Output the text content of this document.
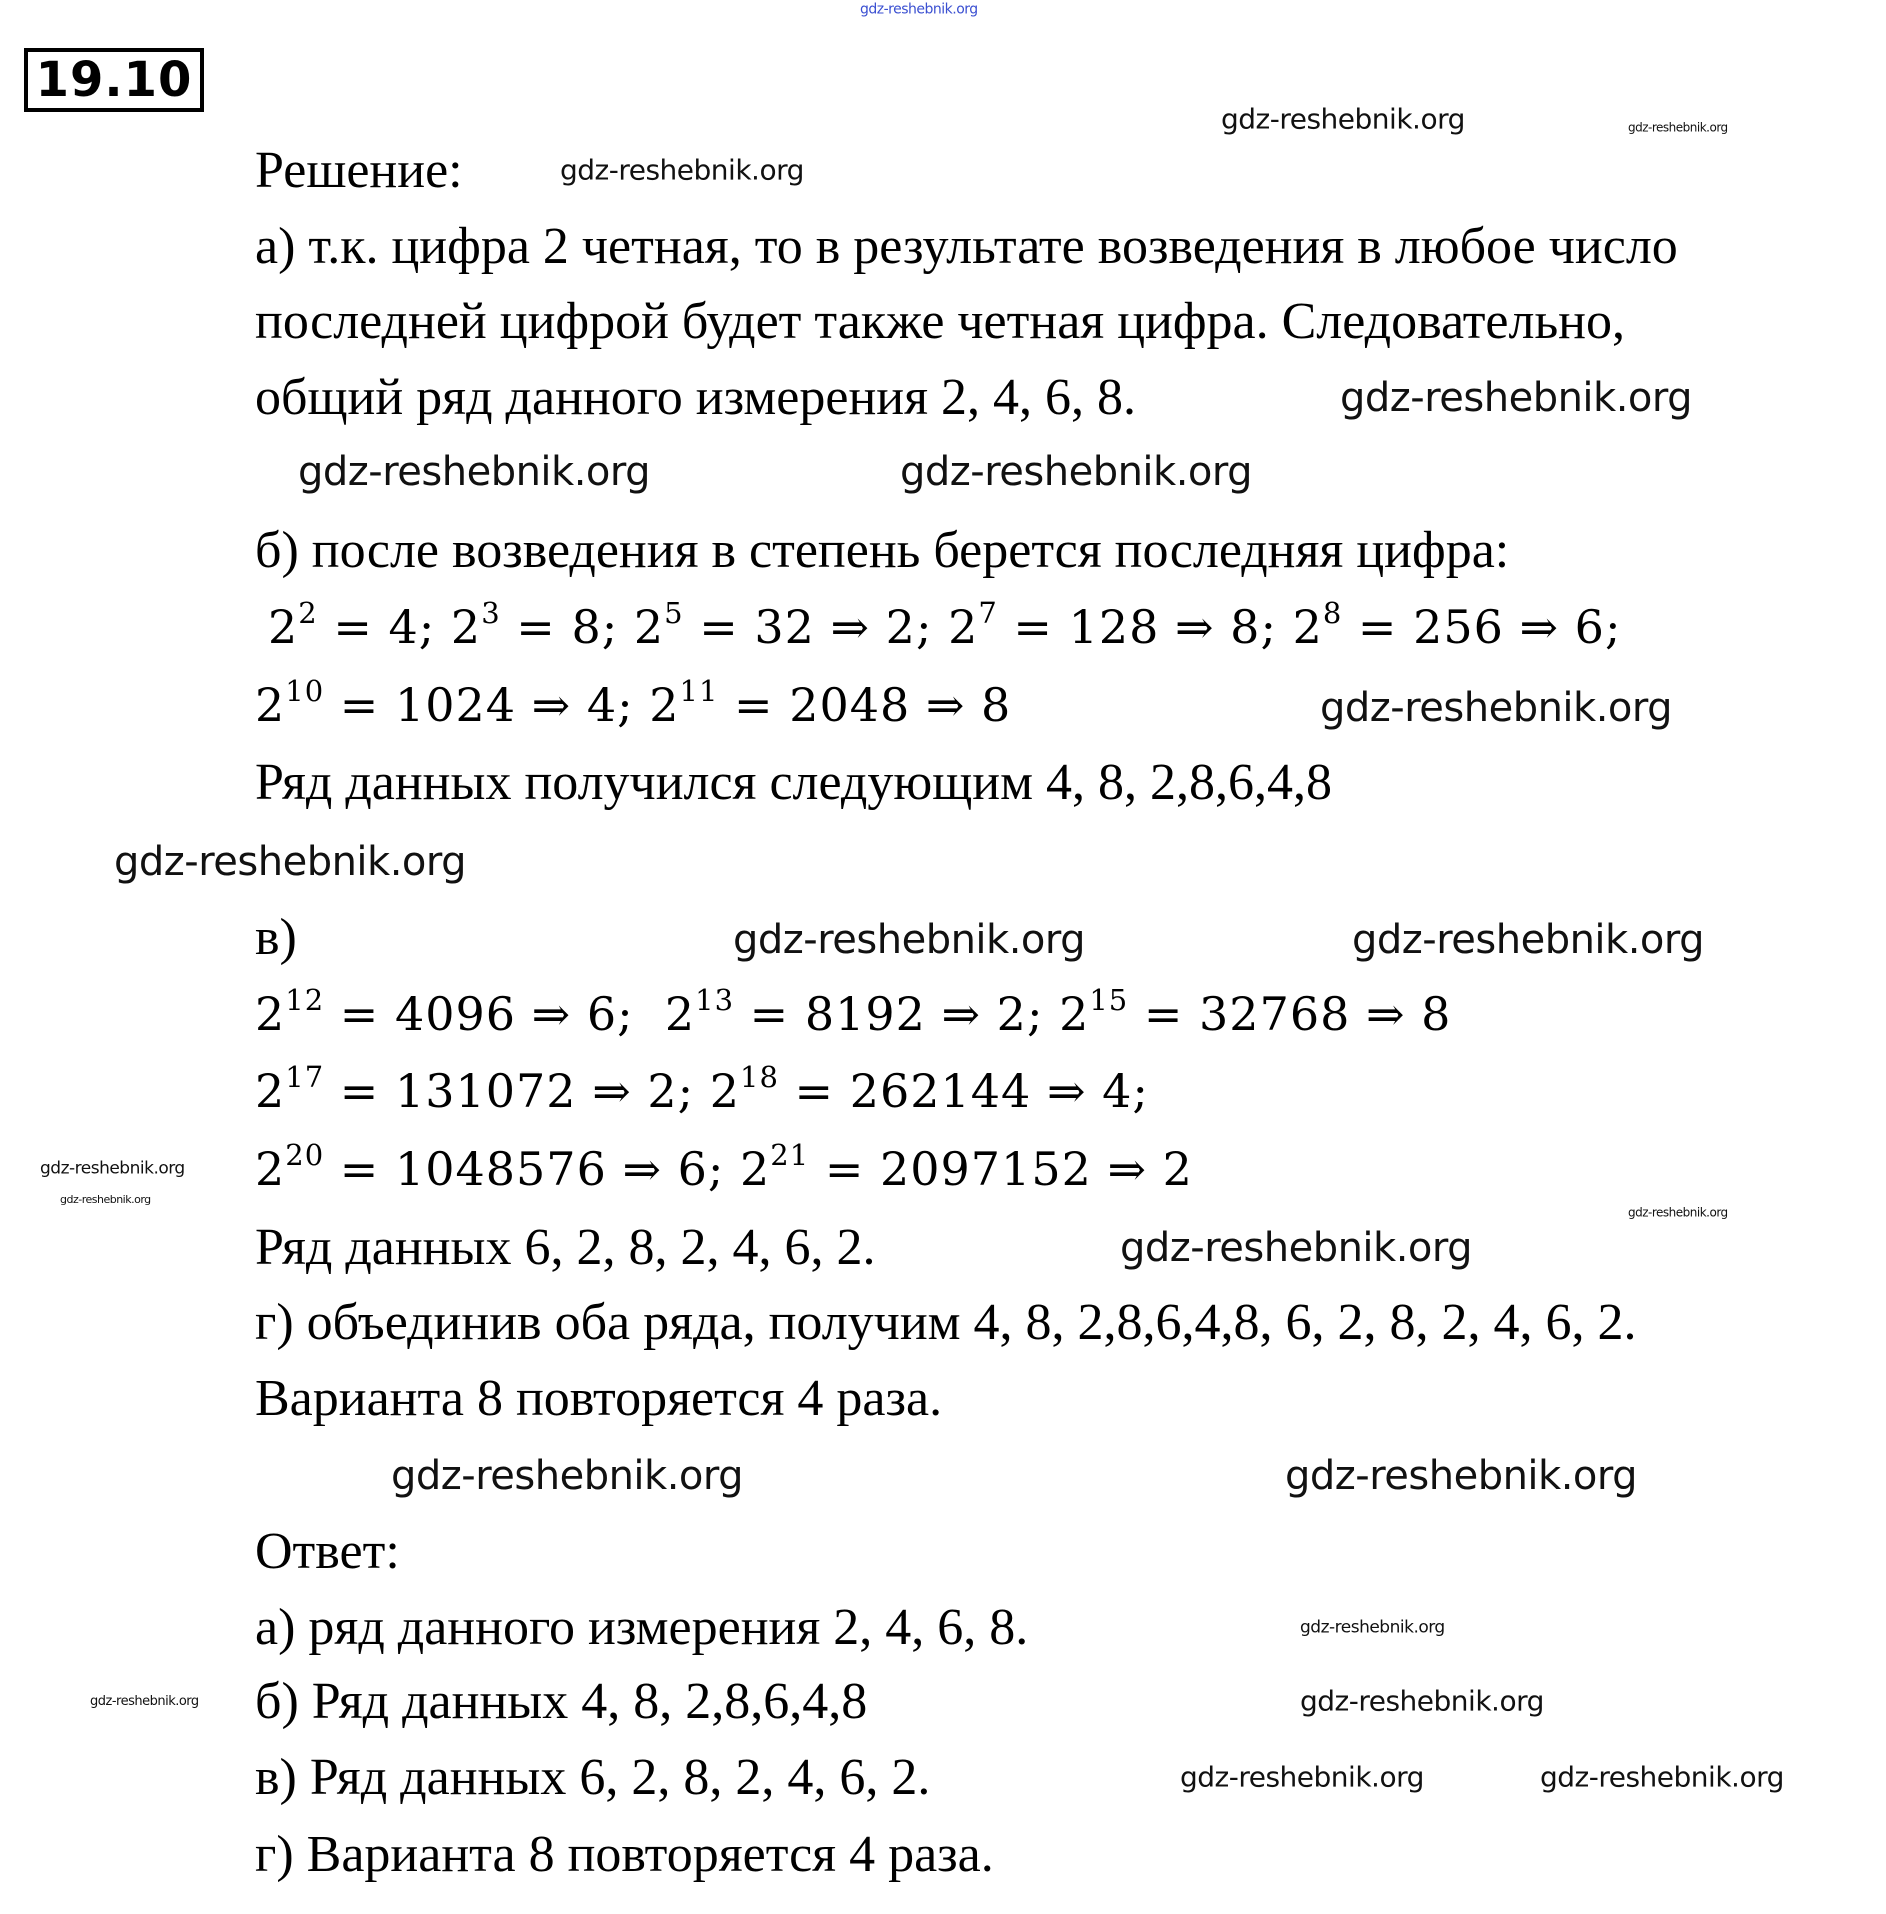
19.10
Решение:
а) т.к. цифра 2 четная, то в результате возведения в любое число
последней цифрой будет также четная цифра. Следовательно,
общий ряд данного измерения 2, 4, 6, 8.
б) после возведения в степень берется последняя цифра:
$2^2 = 4$; $2^3 = 8$; $2^5 = 32$ ⇒ 2; $2^7 = 128$ ⇒ 8; $2^8 = 256$ ⇒ 6;
$2^{10} = 1024$ ⇒ 4; $2^{11} = 2048$ ⇒ 8
Ряд данных получился следующим 4, 8, 2,8,6,4,8
в)
$2^{12} = 4096$ ⇒ 6;  $2^{13} = 8192$ ⇒ 2; $2^{15} = 32768$ ⇒ 8
$2^{17} = 131072$ ⇒ 2; $2^{18} = 262144$ ⇒ 4;
$2^{20} = 1048576$ ⇒ 6; $2^{21} = 2097152$ ⇒ 2
Ряд данных 6, 2, 8, 2, 4, 6, 2.
г) объединив оба ряда, получим 4, 8, 2,8,6,4,8, 6, 2, 8, 2, 4, 6, 2.
Варианта 8 повторяется 4 раза.
Ответ:
а) ряд данного измерения 2, 4, 6, 8.
б) Ряд данных 4, 8, 2,8,6,4,8
в) Ряд данных 6, 2, 8, 2, 4, 6, 2.
г) Варианта 8 повторяется 4 раза.
gdz-reshebnik.org
gdz-reshebnik.org	gdz-reshebnik.org
gdz-reshebnik.org
gdz-reshebnik.org
gdz-reshebnik.org
gdz-reshebnik.org
gdz-reshebnik.org
gdz-reshebnik.org
gdz-reshebnik.org	gdz-reshebnik.org
gdz-reshebnik.org
gdz-reshebnik.org
gdz-reshebnik.org
gdz-reshebnik.org
gdz-reshebnik.org	gdz-reshebnik.org
gdz-reshebnik.org	gdz-reshebnik.org
gdz-reshebnik.org
gdz-reshebnik.org	gdz-reshebnik.org
